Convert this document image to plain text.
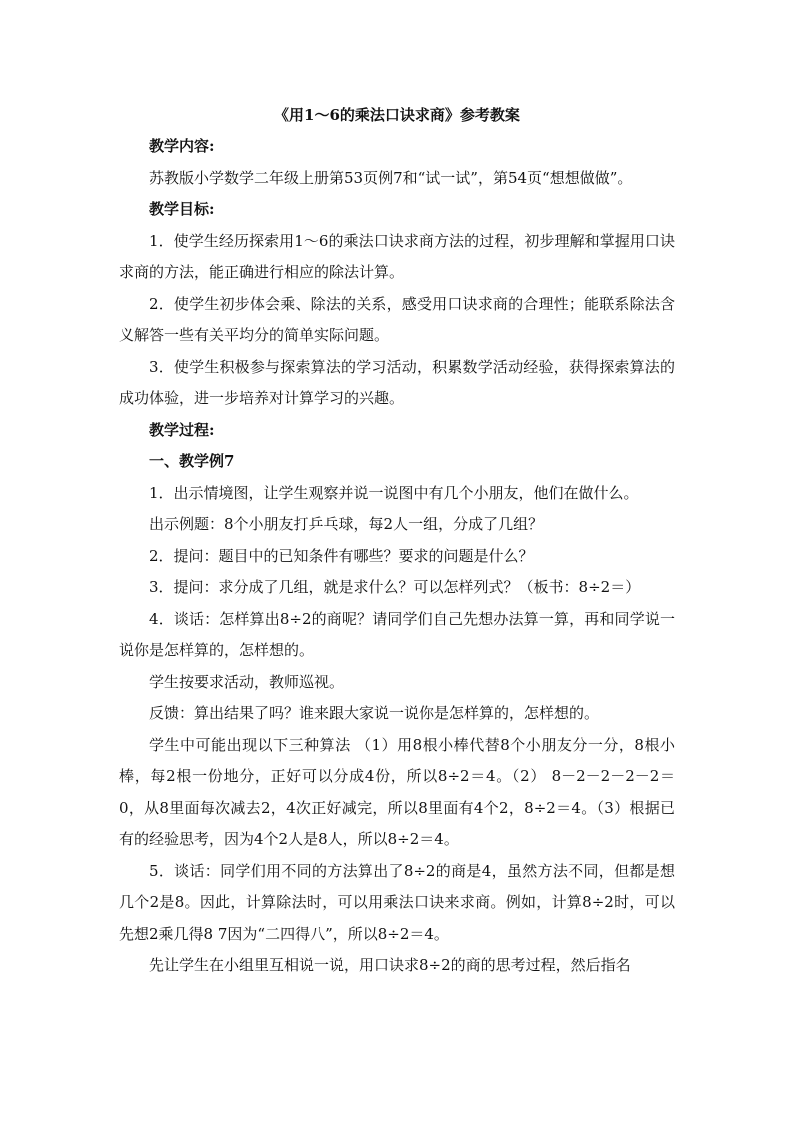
《用1～6的乘法口诀求商》参考教案

教学内容:

苏教版小学数学二年级上册第53页例7和“试一试”，第54页“想想做做”。

教学目标:

1．使学生经历探索用1～6的乘法口诀求商方法的过程，初步理解和掌握用口诀求商的方法，能正确进行相应的除法计算。

2．使学生初步体会乘、除法的关系，感受用口诀求商的合理性；能联系除法含义解答一些有关平均分的简单实际问题。

3．使学生积极参与探索算法的学习活动，积累数学活动经验，获得探索算法的成功体验，进一步培养对计算学习的兴趣。

教学过程:

一、教学例7

1．出示情境图，让学生观察并说一说图中有几个小朋友，他们在做什么。

出示例题：8个小朋友打乒乓球，每2人一组，分成了几组？

2．提问：题目中的已知条件有哪些？要求的问题是什么？

3．提问：求分成了几组，就是求什么？可以怎样列式？（板书：8÷2＝）

4．谈话：怎样算出8÷2的商呢？请同学们自己先想办法算一算，再和同学说一说你是怎样算的，怎样想的。

学生按要求活动，教师巡视。

反馈：算出结果了吗？谁来跟大家说一说你是怎样算的，怎样想的。

学生中可能出现以下三种算法 （1）用8根小棒代替8个小朋友分一分，8根小棒，每2根一份地分，正好可以分成4份，所以8÷2＝4。（2） 8－2－2－2－2＝0，从8里面每次减去2，4次正好减完，所以8里面有4个2，8÷2＝4。（3）根据已有的经验思考，因为4个2人是8人，所以8÷2＝4。

5．谈话：同学们用不同的方法算出了8÷2的商是4，虽然方法不同，但都是想几个2是8。因此，计算除法时，可以用乘法口诀来求商。例如，计算8÷2时，可以先想2乘几得8 7因为“二四得八”，所以8÷2＝4。

先让学生在小组里互相说一说，用口诀求8÷2的商的思考过程，然后指名
